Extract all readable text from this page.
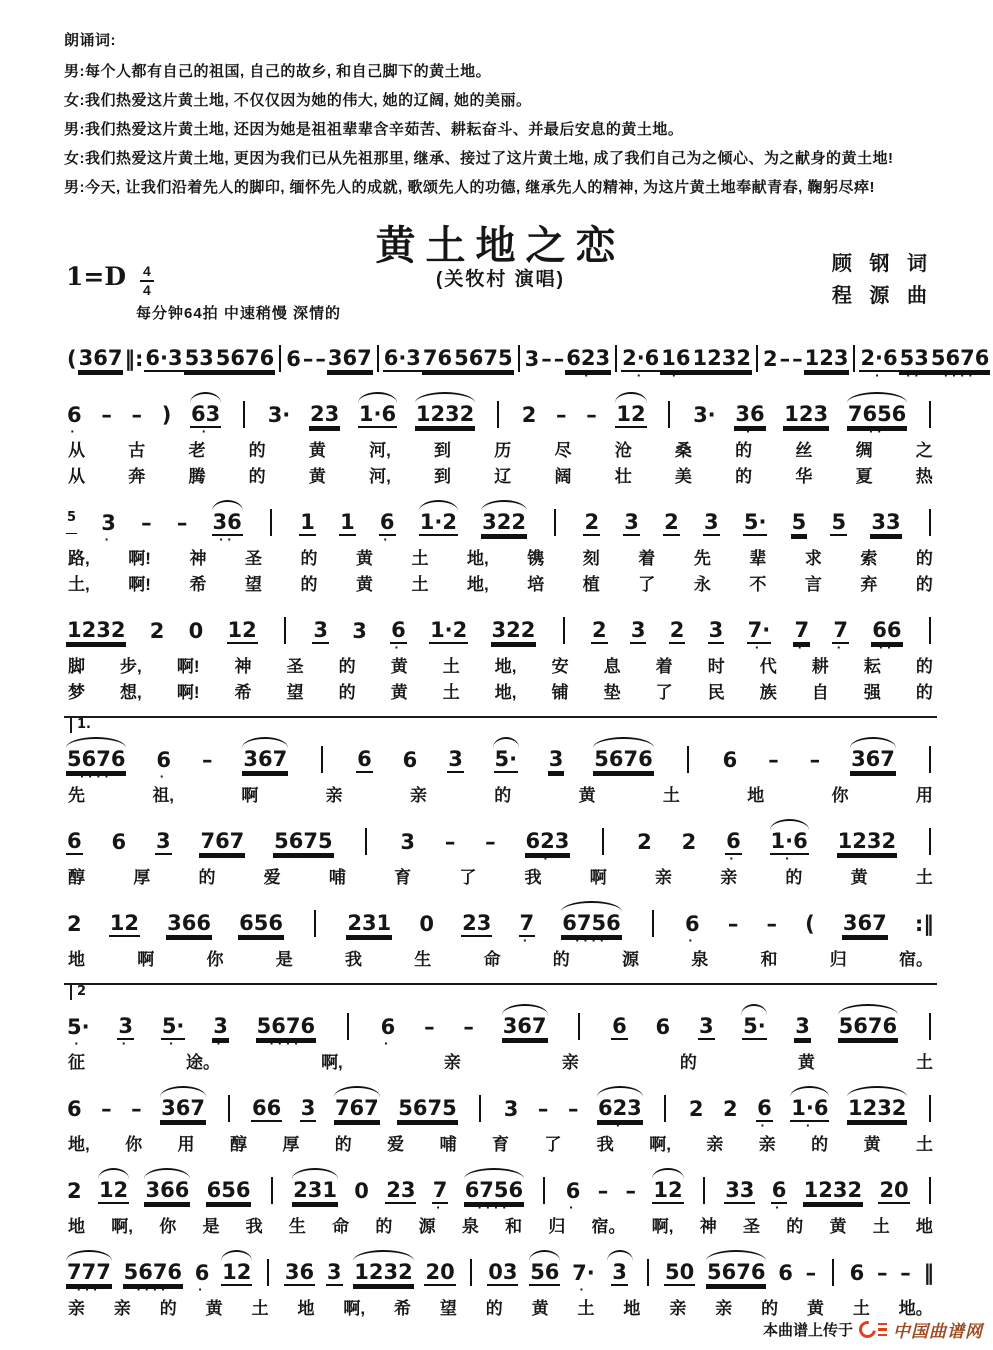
朗诵词:
男:每个人都有自己的祖国, 自己的故乡, 和自己脚下的黄土地。
女:我们热爱这片黄土地, 不仅仅因为她的伟大, 她的辽阔, 她的美丽。
男:我们热爱这片黄土地, 还因为她是祖祖辈辈含辛茹苦、耕耘奋斗、并最后安息的黄土地。
女:我们热爱这片黄土地, 更因为我们已从先祖那里, 继承、接过了这片黄土地, 成了我们自己为之倾心、为之献身的黄土地!
男:今天, 让我们沿着先人的脚印, 缅怀先人的成就, 歌颂先人的功德, 继承先人的精神, 为这片黄土地奉献青春, 鞠躬尽瘁!
黄土地之恋
(关牧村 演唱)
顾 钢 词
程 源 曲
$1=D \frac{4}{4}$
每分钟64拍 中速稍慢 深情的
( 367 ‖: 6·3 53 5676 6 – – 367 6·3 76 5675 3 – – 623
·
2·6
·
16
·
1232 2 – – 123 2·6
·
53
··
5676
····
6
·
– – ) 63
·
3· 23 1·6 1232 2 – – 12 3· 36
·
123 7656
··
从	古	老	的	黄	河,	到	历	尽	沧	桑	的	丝	绸	之
从	奔	腾	的	黄	河,	到	辽	阔	壮	美	的	华	夏	热
5 3
·
– – 36
··
1 1 6
·
1·2 322	2 3 2 3 5· 5 5 33
路, 啊! 神 圣 的 黄 土 地, 镌 刻 着 先 辈 求 索 的
土, 啊! 希 望 的 黄 土 地, 培 植 了 永 不 言 弃 的
1232 2 0 12	3 3 6
·
1·2 322	2 3 2 3 7·
·
7
·
7
·
66
··
脚 步, 啊! 神 圣 的 黄 土 地, 安 息 着 时 代 耕 耘 的
梦 想, 啊! 希 望 的 黄 土 地, 铺 垫 了 民 族 自 强 的
1.
5676
····
6
·
– 367	6 6 3 5· 3 5676	6 – – 367
先	祖,	啊	亲	亲	的	黄	土	地	你	用
6 6 3 767 5675	3 – – 623
·
2 2 6
·
1·6
·
1232
醇	厚	的	爱	哺	育	了	我	啊	亲	亲	的	黄	土
2 12 366 656	231 0 23 7
·
6756
····
6
·
– – ( 367 :‖
地	啊	你	是	我	生	命	的	源	泉	和	归	宿。
2
5·
·
3
·
5·
·
3
·
5676
····
6
·
– – 367	6 6 3 5· 3 5676
征	途。	啊,	亲	亲	的	黄	土
6 – – 367 66 3 767 5675 3 – – 623
·
2 2 6
·
1·6
·
1232
地, 你 用 醇 厚 的 爱 哺 育 了 我 啊, 亲 亲 的 黄 土
2 12 366 656 231 0 23 7
·
6756
····
6
·
– – 12 33 6
·
1232 20
地 啊, 你 是 我 生 命 的 源 泉 和 归 宿。 啊, 神 圣 的 黄 土 地
777
···
5676
····
6
·
12 36 3 1232 20 03 56 7·
·
3 50 5676 6 – 6 – – ‖
亲 亲 的 黄 土 地 啊, 希 望 的 黄 土 地 亲 亲 的 黄 土 地。
本曲谱上传于 中国曲谱网
